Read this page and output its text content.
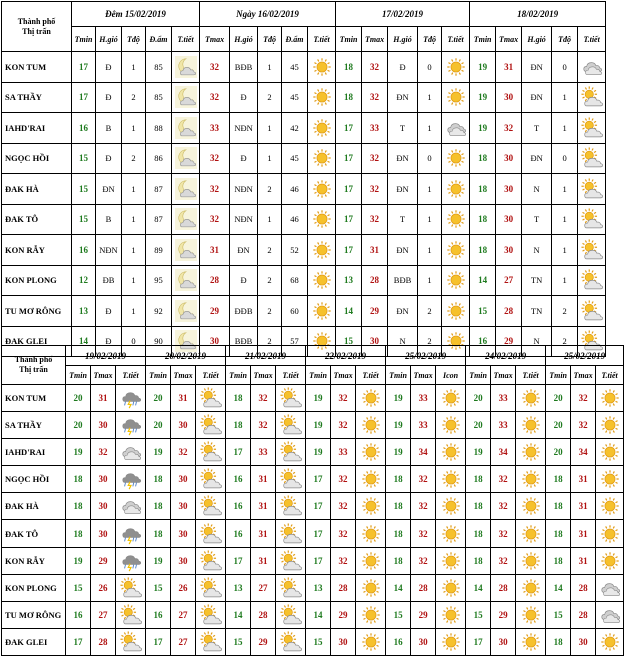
Thành phố
Thị trấn	Đêm 15/02/2019					Ngày 16/02/2019					17/02/2019					18/02/2019				
	Tmin	H.gió	Tđộ	Đ.ẩm	T.tiết	Tmax	H.gió	Tđộ	Đ.ẩm	T.tiết	Tmin	Tmax	H.gió	Tđộ	T.tiết	Tmin	Tmax	H.gió	Tđộ	T.tiết
KON TUM	17	Đ	1	85		32	BĐB	1	45		18	32	Đ	0		19	31	ĐN	0	

SA THẦY	17	Đ	2	85		32	Đ	2	45		18	32	ĐN	1		19	30	ĐN	1	

IAHD'RAI	16	B	1	88		33	NĐN	1	42		17	33	T	1		19	32	T	1	

NGỌC HỒI	15	Đ	2	86		32	Đ	1	45		17	32	ĐN	0		18	30	ĐN	0	

ĐAK HÀ	15	ĐN	1	87		32	NĐN	2	46		17	32	ĐN	1		18	30	N	1	

ĐAK TÔ	15	B	1	87		32	NĐN	1	46		17	32	T	1		18	30	T	1	

KON RẪY	16	NĐN	1	89		31	ĐN	2	52		17	31	ĐN	1		18	30	N	1	

KON PLONG	12	ĐB	1	95		28	Đ	2	68		13	28	BĐB	1		14	27	TN	1	

TU MƠ RÔNG	13	Đ	1	92		29	ĐĐB	2	60		14	29	ĐN	2		15	28	TN	2	

ĐAK GLEI	14	Đ	0	90		30	BĐB	2	57		15	30	N	2		16	29	N	2	
Thành phố
Thị trấn	19/02/2019			20/02/2019			21/02/2019			22/02/2019			25/02/2019			24/02/2019			25/02/2019		
	Tmin	Tmax	T.tiết	Tmin	Tmax	T.tiết	Tmin	Tmax	T.tiết	Tmin	Tmax	T.tiết	Tmin	Tmax	Icon	Tmin	Tmax	T.tiết	Tmin	Tmax	T.tiết
KON TUM	20	31		20	31		18	32		19	32		19	33		20	33		20	32	

SA THẦY	20	30		20	30		18	32		19	32		19	33		20	33		20	32	

IAHD'RAI	19	32		19	32		17	33		19	33		19	34		19	34		20	34	

NGỌC HỒI	18	30		18	30		16	31		17	32		18	32		18	32		18	31	

ĐAK HÀ	18	30		18	30		16	31		17	32		18	32		18	32		18	31	

ĐAK TÔ	18	30		18	30		16	31		17	32		18	32		18	32		18	31	

KON RẪY	19	29		19	30		17	31		17	32		18	32		18	32		18	31	

KON PLONG	15	26		15	26		13	27		13	28		14	28		14	28		14	28	

TU MƠ RÔNG	16	27		16	27		14	28		14	29		15	29		15	29		15	28	

ĐAK GLEI	17	28		17	27		15	29		15	30		16	30		17	30		18	30	
